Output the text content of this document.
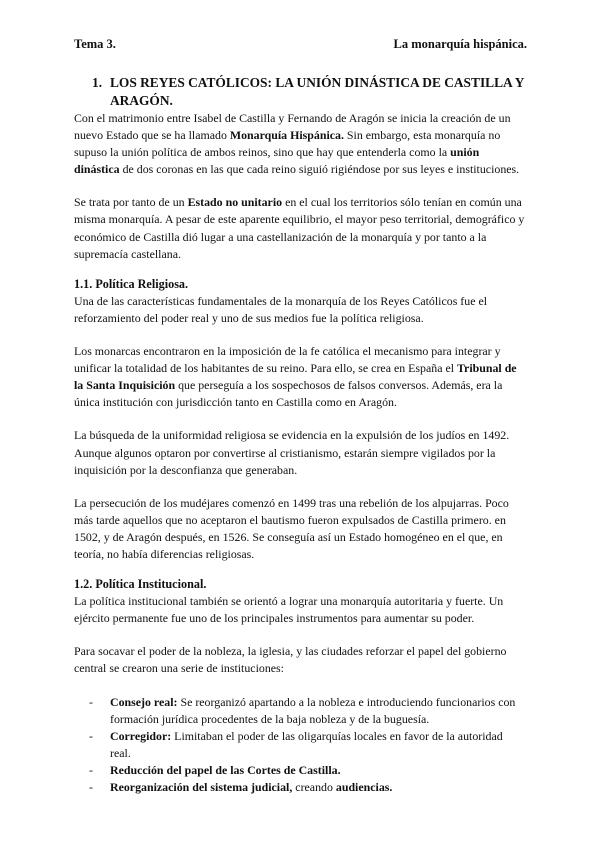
Tema 3.	La monarquía hispánica.
1. LOS REYES CATÓLICOS: LA UNIÓN DINÁSTICA DE CASTILLA Y ARAGÓN.

Con el matrimonio entre Isabel de Castilla y Fernando de Aragón se inicia la creación de un nuevo Estado que se ha llamado Monarquía Hispánica. Sin embargo, esta monarquía no supuso la unión política de ambos reinos, sino que hay que entenderla como la unión dinástica de dos coronas en las que cada reino siguió rigiéndose por sus leyes e instituciones.

Se trata por tanto de un Estado no unitario en el cual los territorios sólo tenían en común una misma monarquía. A pesar de este aparente equilibrio, el mayor peso territorial, demográfico y económico de Castilla dió lugar a una castellanización de la monarquía y por tanto a la supremacía castellana.

1.1. Política Religiosa.

Una de las características fundamentales de la monarquía de los Reyes Católicos fue el reforzamiento del poder real y uno de sus medios fue la política religiosa.

Los monarcas encontraron en la imposición de la fe católica el mecanismo para integrar y unificar la totalidad de los habitantes de su reino. Para ello, se crea en España el Tribunal de la Santa Inquisición que perseguía a los sospechosos de falsos conversos. Además, era la única institución con jurisdicción tanto en Castilla como en Aragón.

La búsqueda de la uniformidad religiosa se evidencia en la expulsión de los judíos en 1492. Aunque algunos optaron por convertirse al cristianismo, estarán siempre vigilados por la inquisición por la desconfianza que generaban.

La persecución de los mudéjares comenzó en 1499 tras una rebelión de los alpujarras. Poco más tarde aquellos que no aceptaron el bautismo fueron expulsados de Castilla primero. en 1502, y de Aragón después, en 1526. Se conseguía así un Estado homogéneo en el que, en teoría, no había diferencias religiosas.

1.2. Política Institucional.

La política institucional también se orientó a lograr una monarquía autoritaria y fuerte. Un ejército permanente fue uno de los principales instrumentos para aumentar su poder.

Para socavar el poder de la nobleza, la iglesia, y las ciudades reforzar el papel del gobierno central se crearon una serie de instituciones:

- Consejo real: Se reorganizó apartando a la nobleza e introduciendo funcionarios con formación jurídica procedentes de la baja nobleza y de la buguesía.
- Corregidor: Limitaban el poder de las oligarquías locales en favor de la autoridad real.
- Reducción del papel de las Cortes de Castilla.
- Reorganización del sistema judicial, creando audiencias.
